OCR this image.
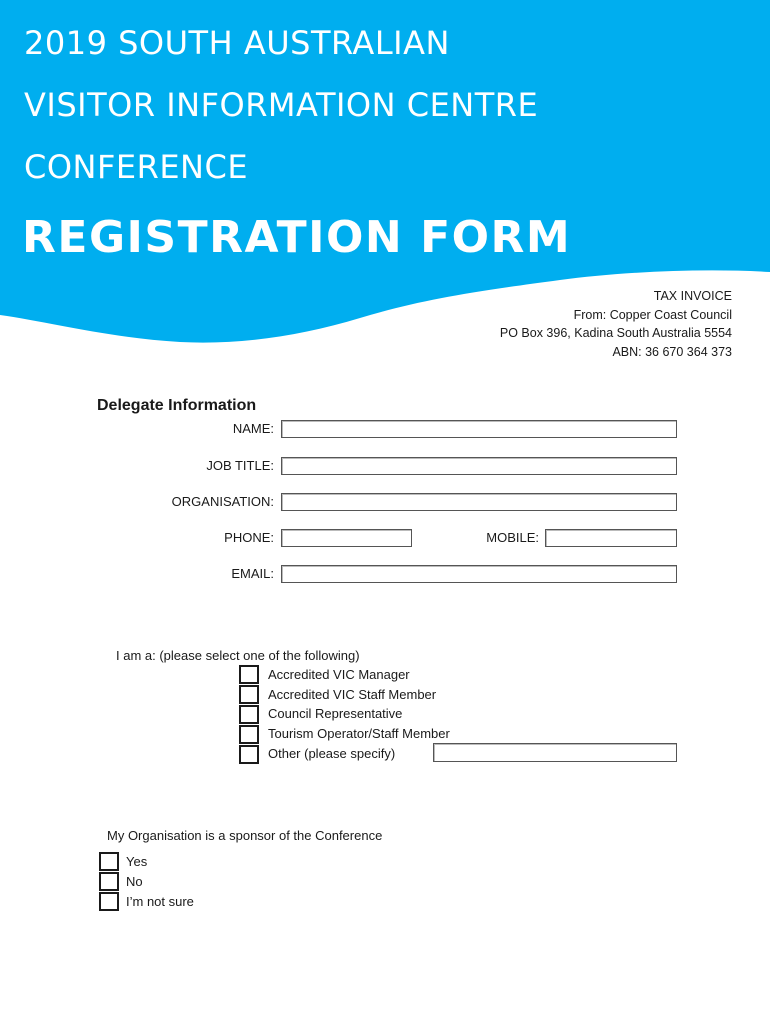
2019 SOUTH AUSTRALIAN
VISITOR INFORMATION CENTRE
CONFERENCE
REGISTRATION FORM
TAX INVOICE
From: Copper Coast Council
PO Box 396, Kadina South Australia 5554
ABN: 36 670 364 373
Delegate Information
NAME:
JOB TITLE:
ORGANISATION:
PHONE:	MOBILE:
EMAIL:
I am a: (please select one of the following)
Accredited VIC Manager
Accredited VIC Staff Member
Council Representative
Tourism Operator/Staff Member
Other (please specify)
My Organisation is a sponsor of the Conference
Yes
No
I’m not sure
